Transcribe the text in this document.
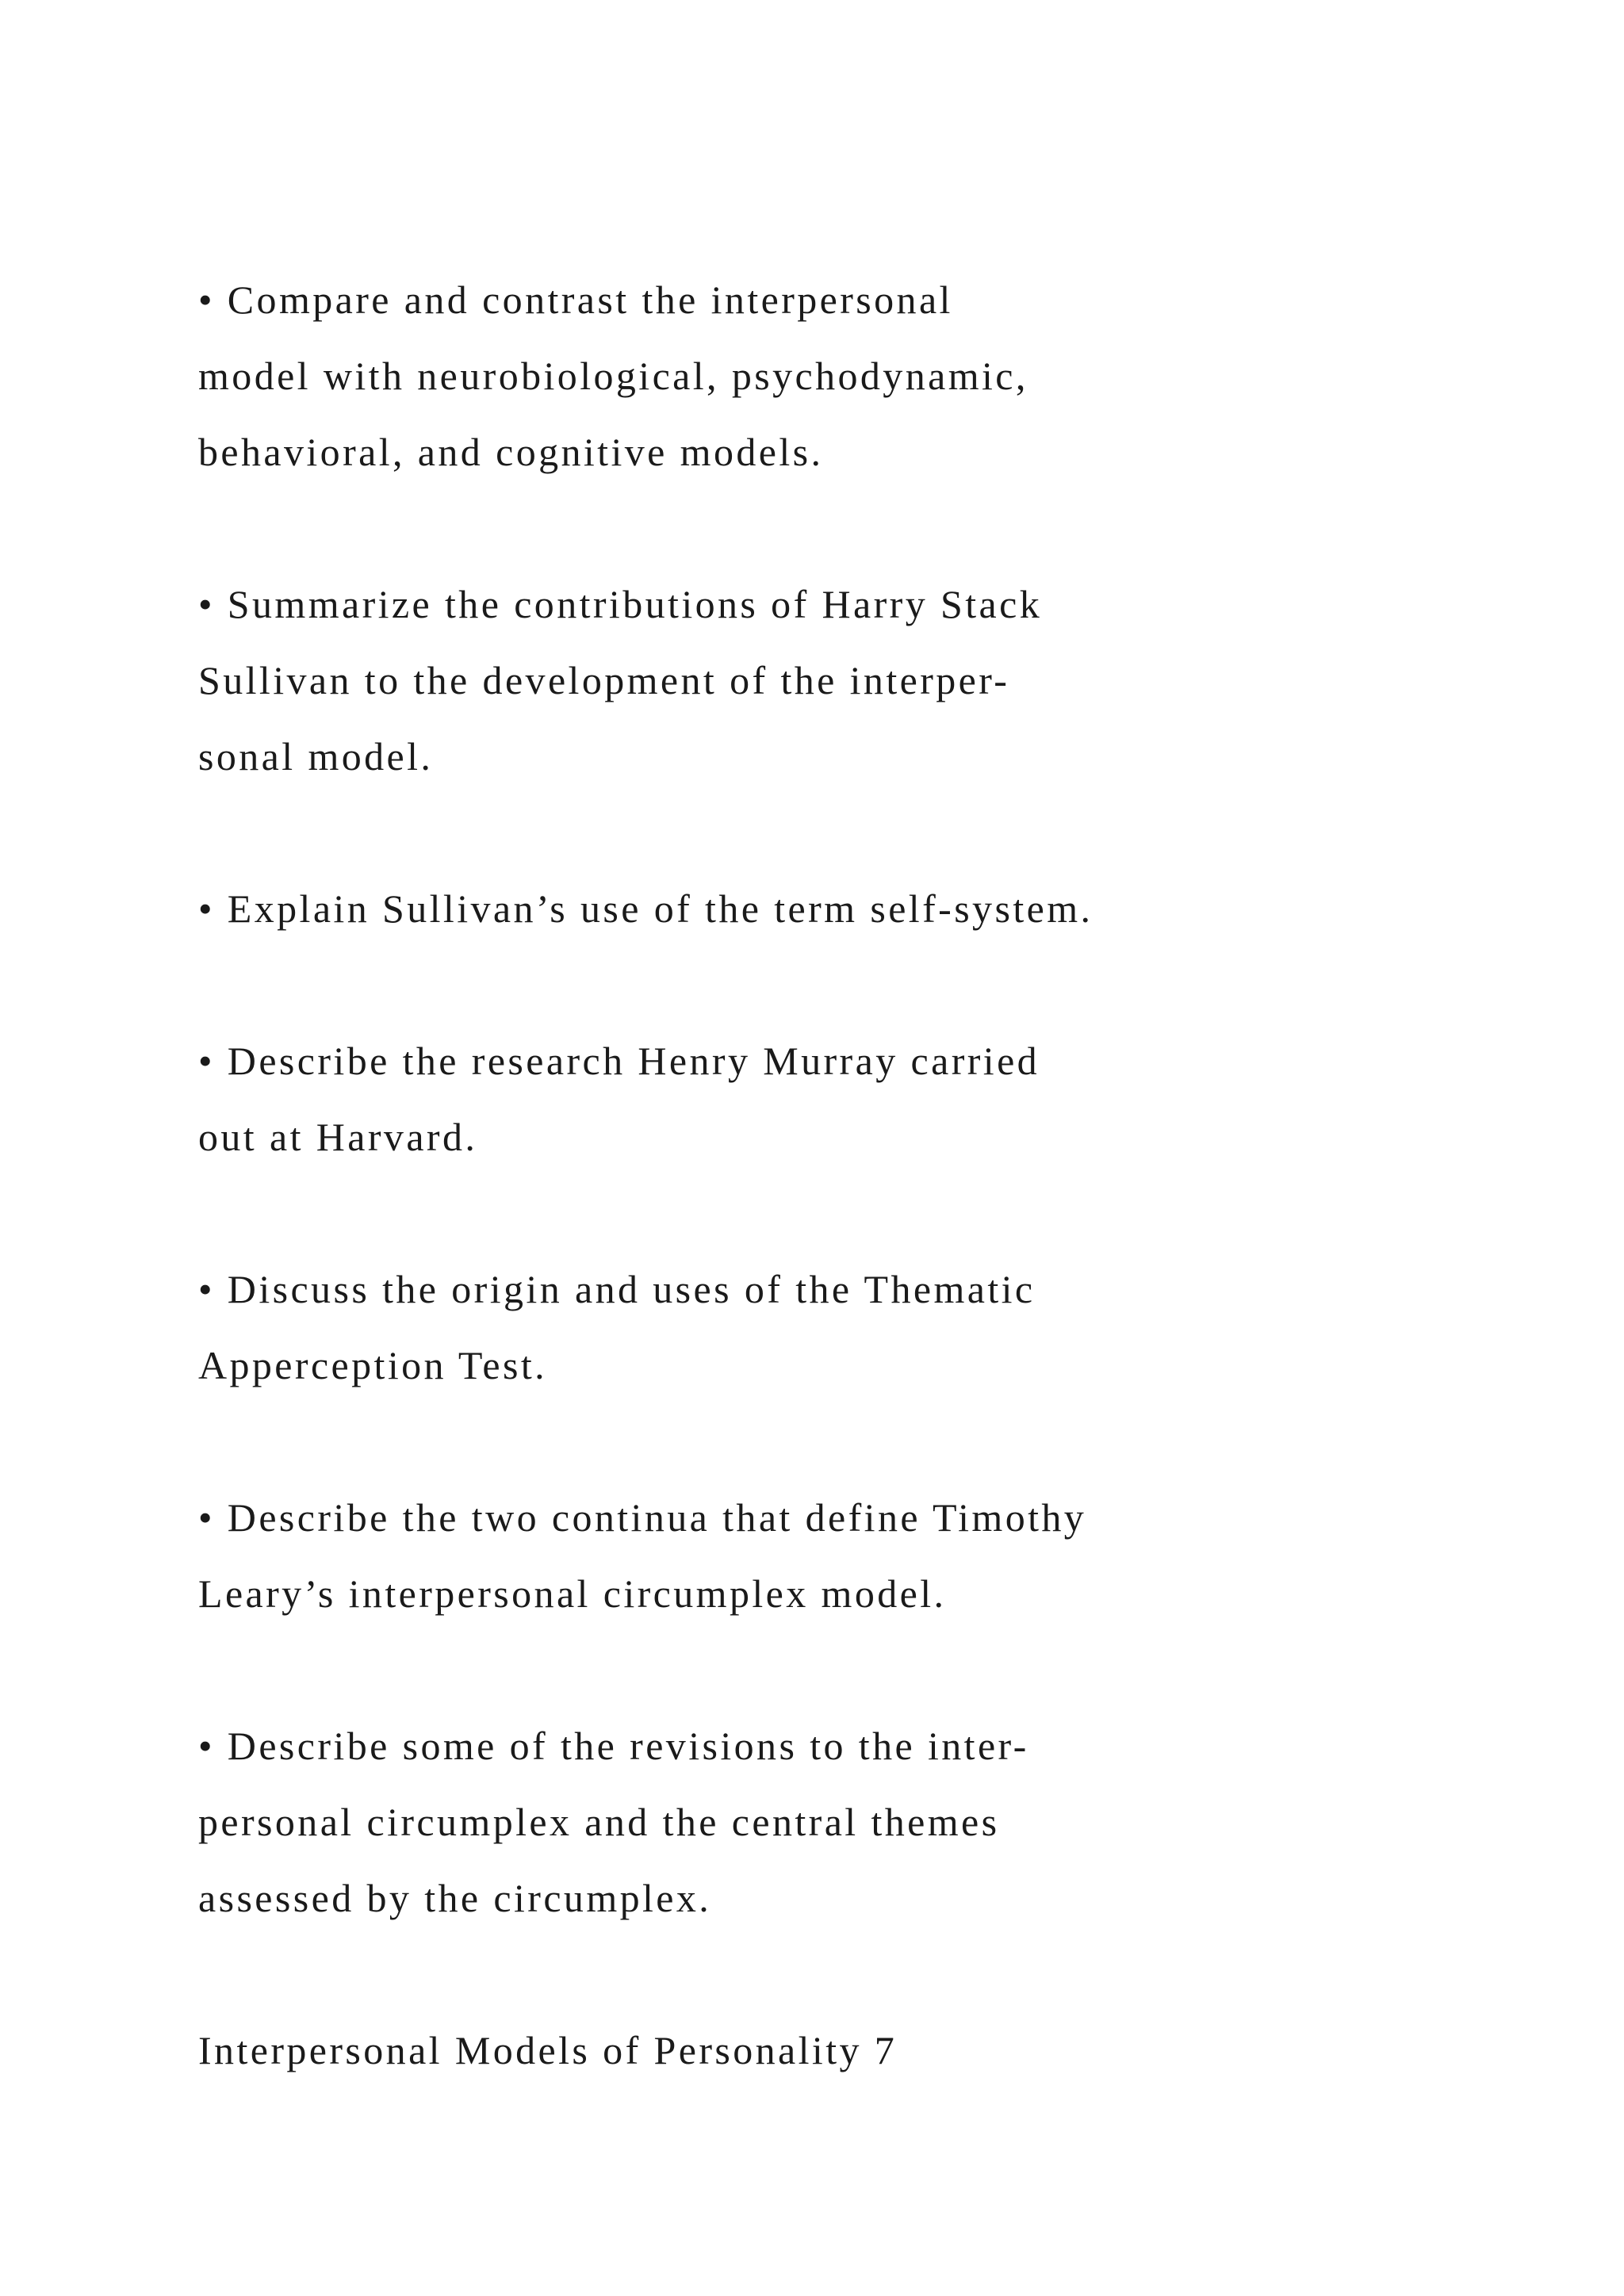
• Compare and contrast the interpersonal
model with neurobiological, psychodynamic,
behavioral, and cognitive models.
• Summarize the contributions of Harry Stack
Sullivan to the development of the interper-
sonal model.
• Explain Sullivan’s use of the term self-system.
• Describe the research Henry Murray carried
out at Harvard.
• Discuss the origin and uses of the Thematic
Apperception Test.
• Describe the two continua that define Timothy
Leary’s interpersonal circumplex model.
• Describe some of the revisions to the inter-
personal circumplex and the central themes
assessed by the circumplex.
Interpersonal Models of Personality 7
